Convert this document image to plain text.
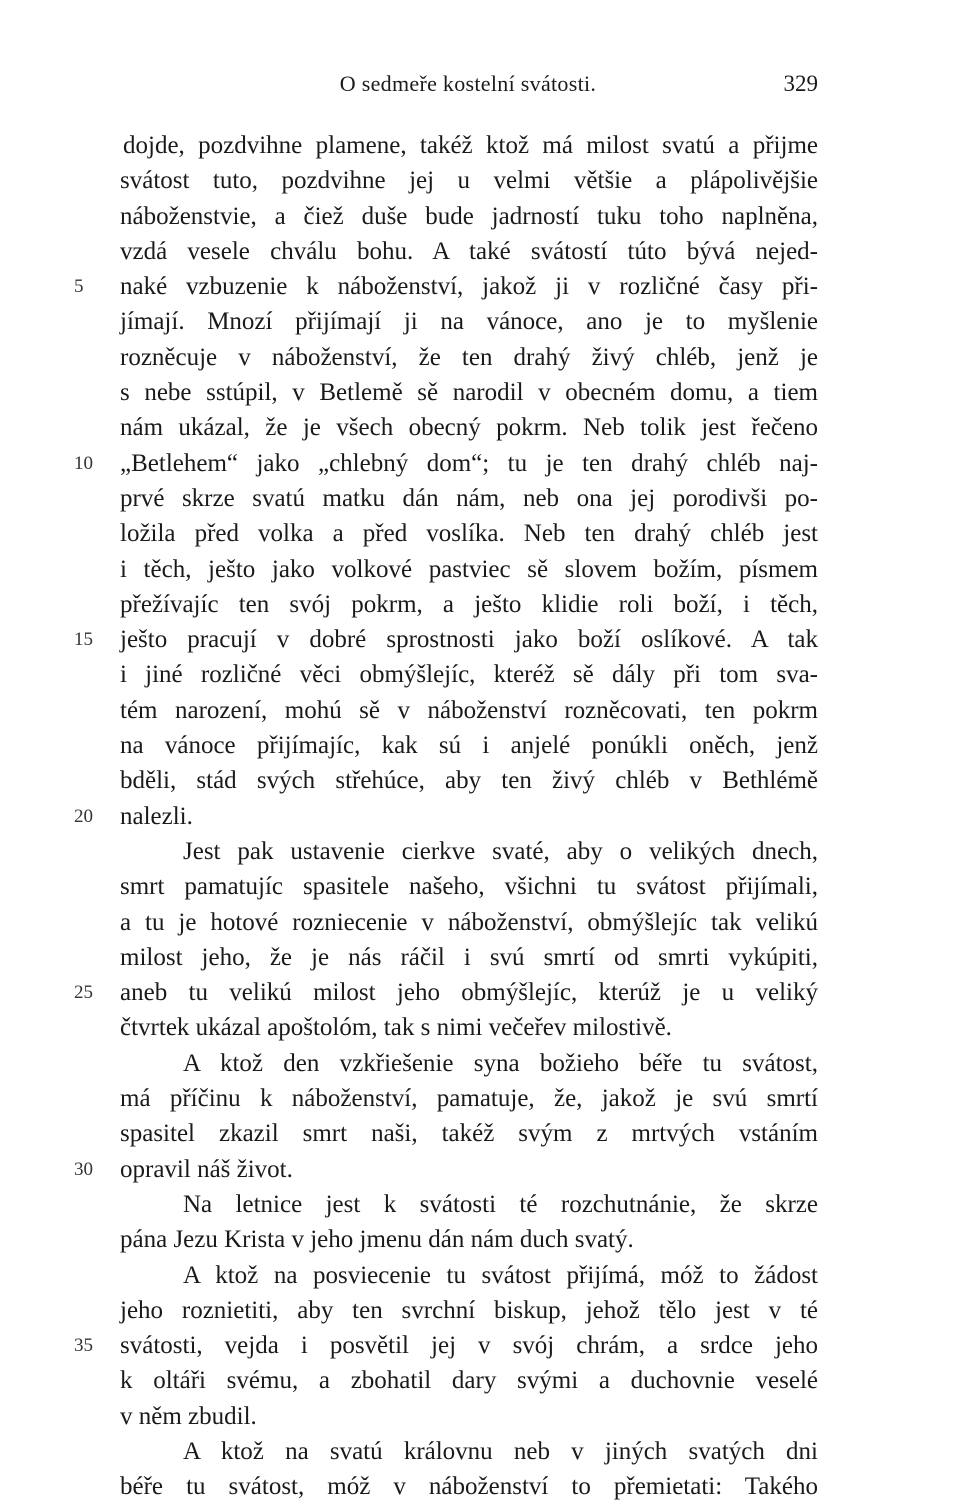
O sedmeře kostelní svátosti.	329
dojde, pozdvihne plamene, takéž ktož má milost svatú a přijme
svátost tuto, pozdvihne jej u velmi většie a plápolivějšie
náboženstvie, a čiež duše bude jadrností tuku toho naplněna,
vzdá vesele chválu bohu. A také svátostí túto bývá nejed-
5	naké vzbuzenie k náboženství, jakož ji v rozličné časy při-
jímají. Mnozí přijímají ji na vánoce, ano je to myšlenie
rozněcuje v náboženství, že ten drahý živý chléb, jenž je
s nebe sstúpil, v Betlemě sě narodil v obecném domu, a tiem
nám ukázal, že je všech obecný pokrm. Neb tolik jest řečeno
10	„Betlehem“ jako „chlebný dom“; tu je ten drahý chléb naj-
prvé skrze svatú matku dán nám, neb ona jej porodivši po-
ložila před volka a před voslíka. Neb ten drahý chléb jest
i těch, ješto jako volkové pastviec sě slovem božím, písmem
přežívajíc ten svój pokrm, a ješto klidie roli boží, i těch,
15	ješto pracují v dobré sprostnosti jako boží oslíkové. A tak
i jiné rozličné věci obmýšlejíc, kteréž sě dály při tom sva-
tém narození, mohú sě v náboženství rozněcovati, ten pokrm
na vánoce přijímajíc, kak sú i anjelé ponúkli oněch, jenž
bděli, stád svých střehúce, aby ten živý chléb v Bethlémě
20	nalezli.
Jest pak ustavenie cierkve svaté, aby o velikých dnech,
smrt pamatujíc spasitele našeho, všichni tu svátost přijímali,
a tu je hotové rozniecenie v náboženství, obmýšlejíc tak velikú
milost jeho, že je nás ráčil i svú smrtí od smrti vykúpiti,
25	aneb tu velikú milost jeho obmýšlejíc, kterúž je u veliký
čtvrtek ukázal apoštolóm, tak s nimi večeřev milostivě.
A ktož den vzkřiešenie syna božieho béře tu svátost,
má příčinu k náboženství, pamatuje, že, jakož je svú smrtí
spasitel zkazil smrt naši, takéž svým z mrtvých vstáním
30	opravil náš život.
Na letnice jest k svátosti té rozchutnánie, že skrze
pána Jezu Krista v jeho jmenu dán nám duch svatý.
A ktož na posviecenie tu svátost přijímá, móž to žádost
jeho roznietiti, aby ten svrchní biskup, jehož tělo jest v té
35	svátosti, vejda i posvětil jej v svój chrám, a srdce jeho
k oltáři svému, a zbohatil dary svými a duchovnie veselé
v něm zbudil.
A ktož na svatú královnu neb v jiných svatých dni
béře tu svátost, móž v náboženství to přemietati: Takého
